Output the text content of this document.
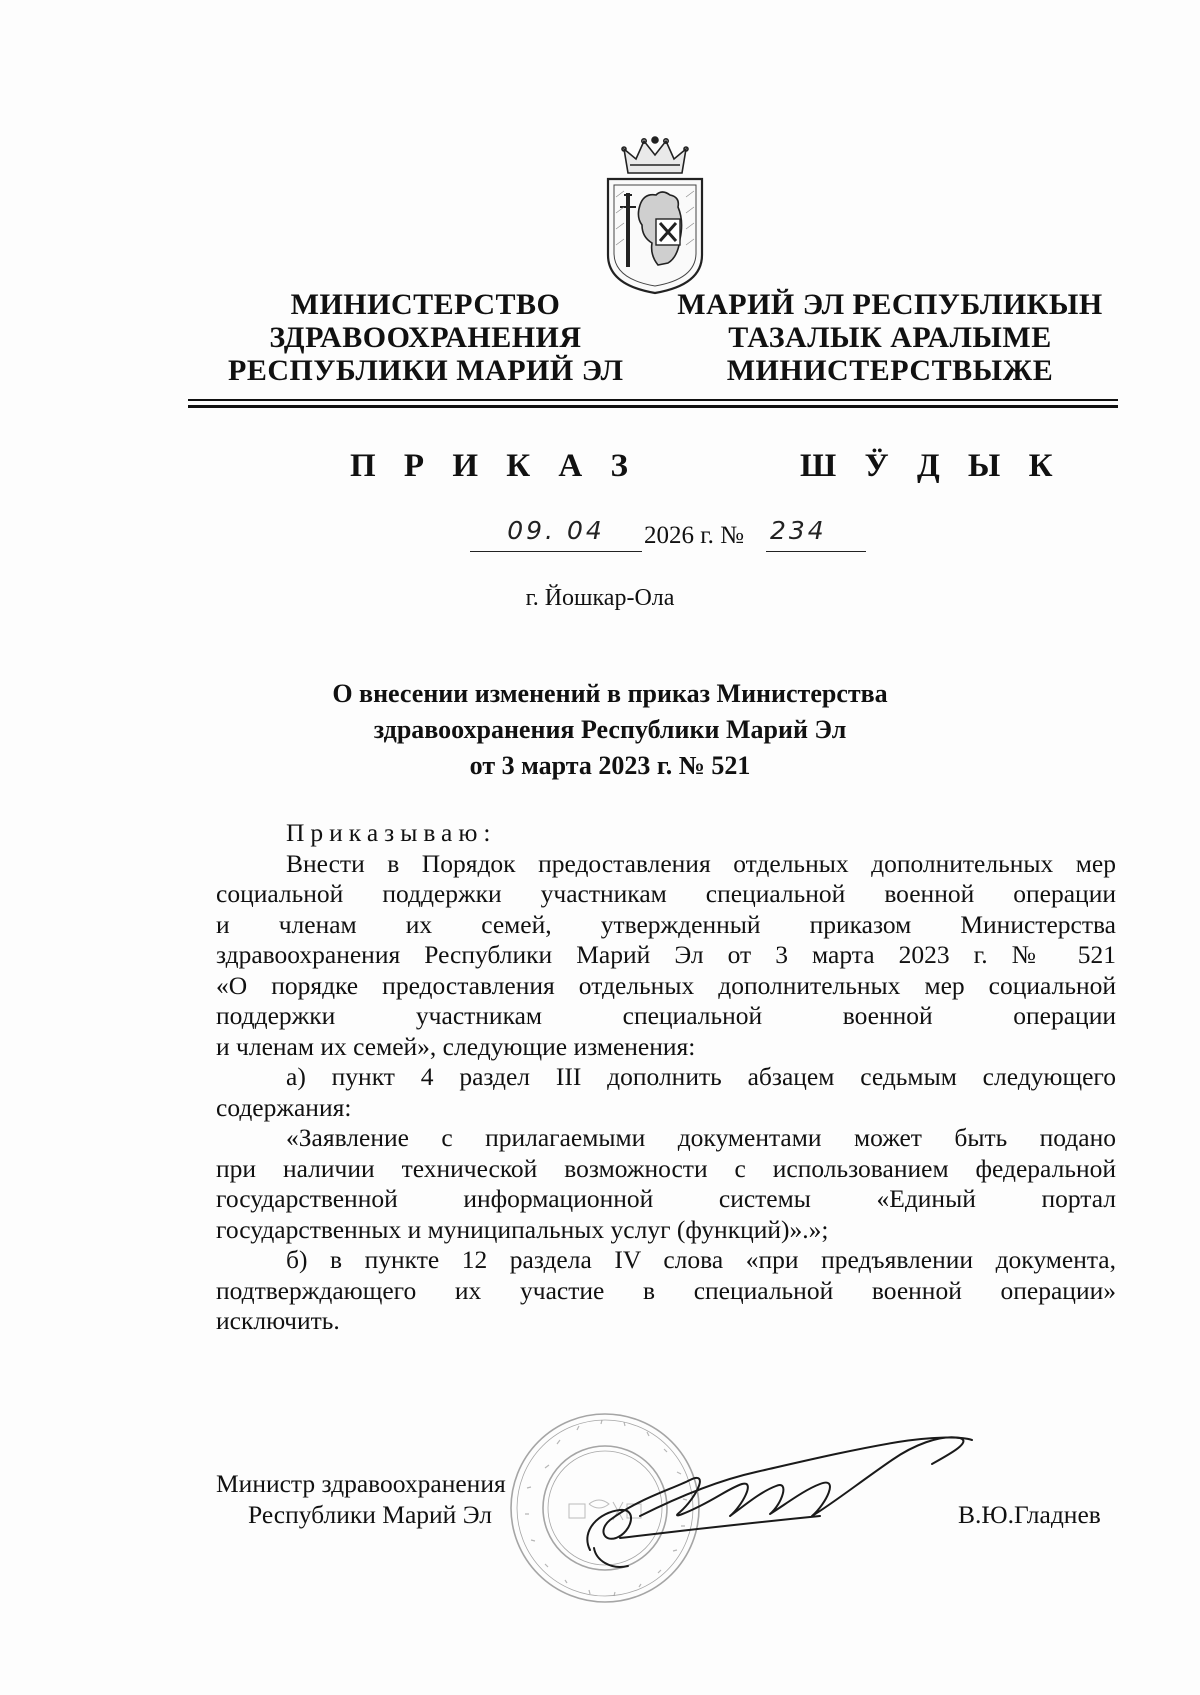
МИНИСТЕРСТВО
ЗДРАВООХРАНЕНИЯ
РЕСПУБЛИКИ МАРИЙ ЭЛ
МАРИЙ ЭЛ РЕСПУБЛИКЫН
ТАЗАЛЫК АРАЛЫМЕ
МИНИСТЕРСТВЫЖЕ
П Р И К А З	Ш Ӱ Д Ы К
09. 04 2026 г. № 234
г. Йошкар-Ола
О внесении изменений в приказ Министерства
здравоохранения Республики Марий Эл
от 3 марта 2023 г. № 521
Приказываю:
Внести в Порядок предоставления отдельных дополнительных мер
социальной поддержки участникам специальной военной операции
и членам их семей, утвержденный приказом Министерства
здравоохранения Республики Марий Эл от 3 марта 2023 г. № 521
«О порядке предоставления отдельных дополнительных мер социальной
поддержки участникам специальной военной операции
и членам их семей», следующие изменения:
а) пункт 4 раздел III дополнить абзацем седьмым следующего
содержания:
«Заявление с прилагаемыми документами может быть подано
при наличии технической возможности с использованием федеральной
государственной информационной системы «Единый портал
государственных и муниципальных услуг (функций)».»;
б) в пункте 12 раздела IV слова «при предъявлении документа,
подтверждающего их участие в специальной военной операции»
исключить.
Министр здравоохранения
Республики Марий Эл	В.Ю.Гладнев
